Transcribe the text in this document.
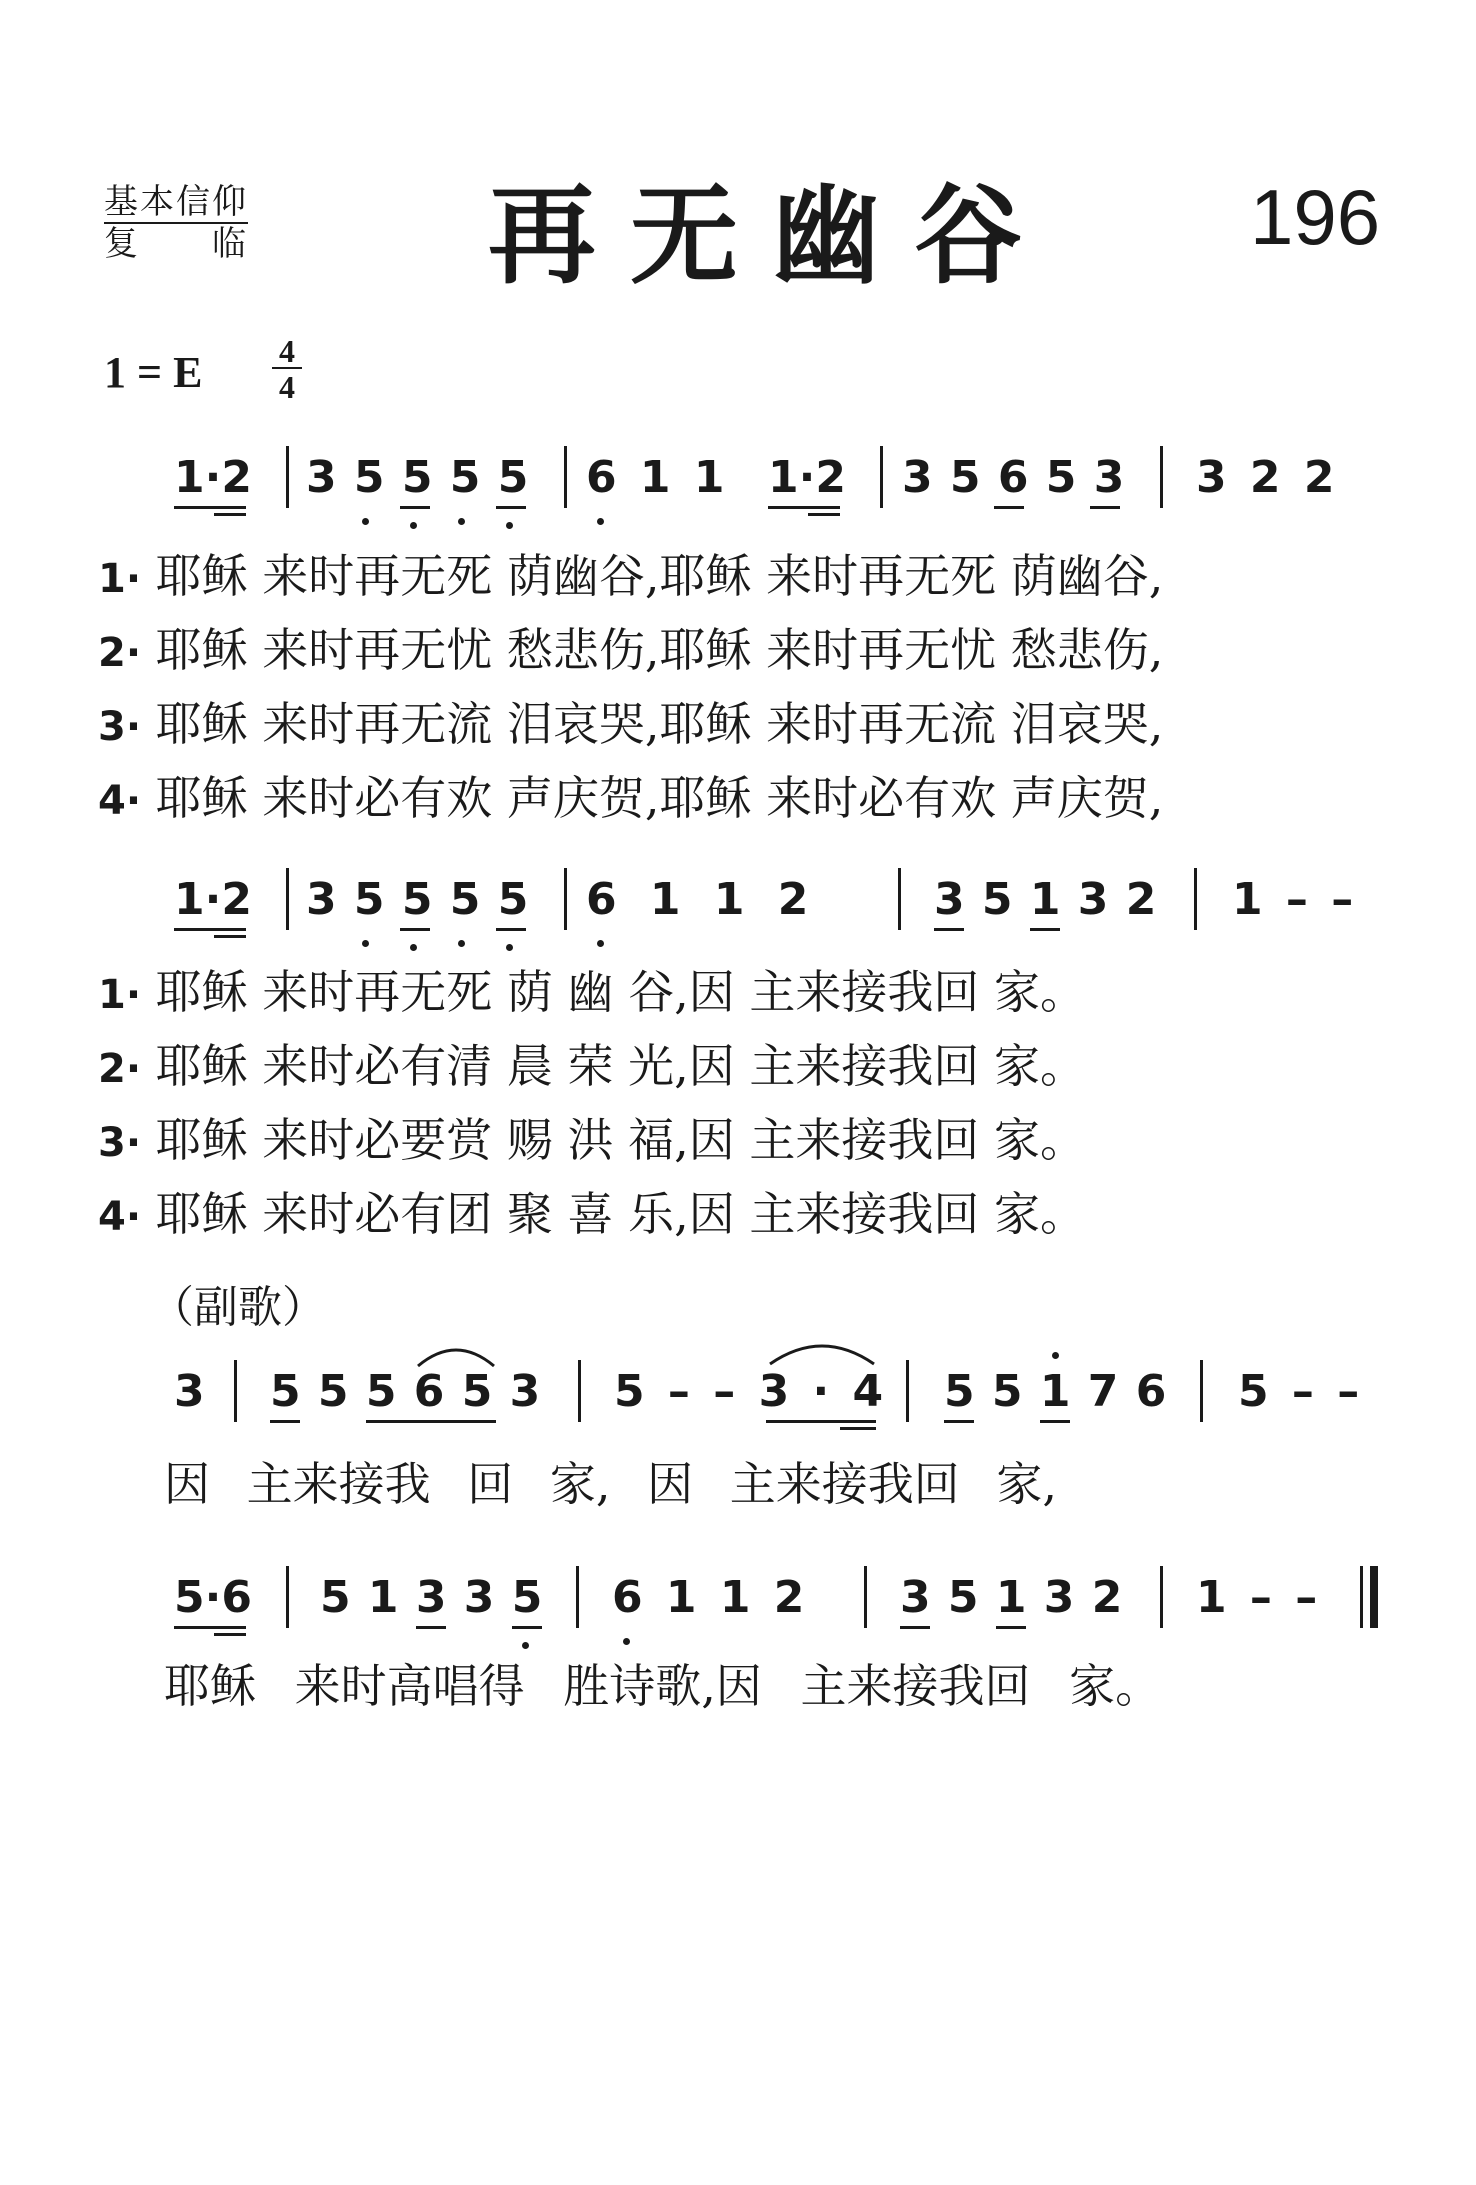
基本信仰
复　　临 再无幽谷 196
1 = E 4
4
1·2 3 5 5 5 5 6 1 1 1·2 3 5 6 5 3 3 2 2
1· 耶稣 来时再无死 荫幽谷,耶稣 来时再无死 荫幽谷,
2· 耶稣 来时再无忧 愁悲伤,耶稣 来时再无忧 愁悲伤,
3· 耶稣 来时再无流 泪哀哭,耶稣 来时再无流 泪哀哭,
4· 耶稣 来时必有欢 声庆贺,耶稣 来时必有欢 声庆贺,
1·2 3 5 5 5 5 6 1 1 2	3 5 1 3 2 1 – –
1· 耶稣 来时再无死 荫 幽 谷,因 主来接我回 家。
2· 耶稣 来时必有清 晨 荣 光,因 主来接我回 家。
3· 耶稣 来时必要赏 赐 洪 福,因 主来接我回 家。
4· 耶稣 来时必有团 聚 喜 乐,因 主来接我回 家。
（副歌）
3 5 5 5 6 5 3 5 – – 3 · 4 5 5 1 7 6 5 – –
因 主来接我 回 家, 因 主来接我回 家,
5·6 5 1 3 3 5 6 1 1 2 3 5 1 3 2 1 – –
耶稣 来时高唱得 胜诗歌,因 主来接我回 家。
